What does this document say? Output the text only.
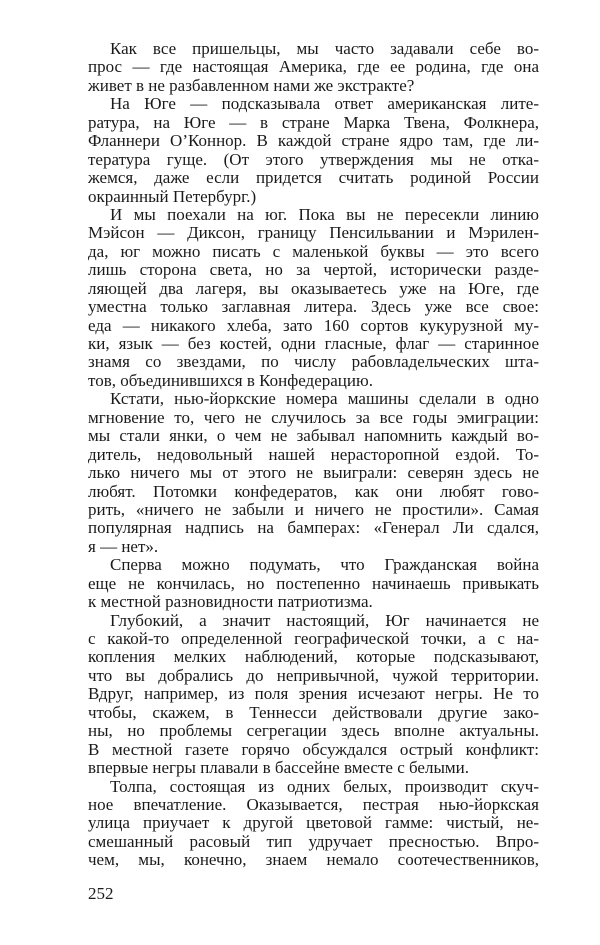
Как все пришельцы, мы часто задавали себе во-
прос — где настоящая Америка, где ее родина, где она
живет в не разбавленном нами же экстракте?
На Юге — подсказывала ответ американская лите-
ратура, на Юге — в стране Марка Твена, Фолкнера,
Фланнери О’Коннор. В каждой стране ядро там, где ли-
тература гуще. (От этого утверждения мы не отка-
жемся, даже если придется считать родиной России
окраинный Петербург.)
И мы поехали на юг. Пока вы не пересекли линию
Мэйсон — Диксон, границу Пенсильвании и Мэрилен-
да, юг можно писать с маленькой буквы — это всего
лишь сторона света, но за чертой, исторически разде-
ляющей два лагеря, вы оказываетесь уже на Юге, где
уместна только заглавная литера. Здесь уже все свое:
еда — никакого хлеба, зато 160 сортов кукурузной му-
ки, язык — без костей, одни гласные, флаг — старинное
знамя со звездами, по числу рабовладельческих шта-
тов, объединившихся в Конфедерацию.
Кстати, нью-йоркские номера машины сделали в одно
мгновение то, чего не случилось за все годы эмиграции:
мы стали янки, о чем не забывал напомнить каждый во-
дитель, недовольный нашей нерасторопной ездой. То-
лько ничего мы от этого не выиграли: северян здесь не
любят. Потомки конфедератов, как они любят гово-
рить, «ничего не забыли и ничего не простили». Самая
популярная надпись на бамперах: «Генерал Ли сдался,
я — нет».
Сперва можно подумать, что Гражданская война
еще не кончилась, но постепенно начинаешь привыкать
к местной разновидности патриотизма.
Глубокий, а значит настоящий, Юг начинается не
с какой-то определенной географической точки, а с на-
копления мелких наблюдений, которые подсказывают,
что вы добрались до непривычной, чужой территории.
Вдруг, например, из поля зрения исчезают негры. Не то
чтобы, скажем, в Теннесси действовали другие зако-
ны, но проблемы сегрегации здесь вполне актуальны.
В местной газете горячо обсуждался острый конфликт:
впервые негры плавали в бассейне вместе с белыми.
Толпа, состоящая из одних белых, производит скуч-
ное впечатление. Оказывается, пестрая нью-йоркская
улица приучает к другой цветовой гамме: чистый, не-
смешанный расовый тип удручает пресностью. Впро-
чем, мы, конечно, знаем немало соотечественников,
252
